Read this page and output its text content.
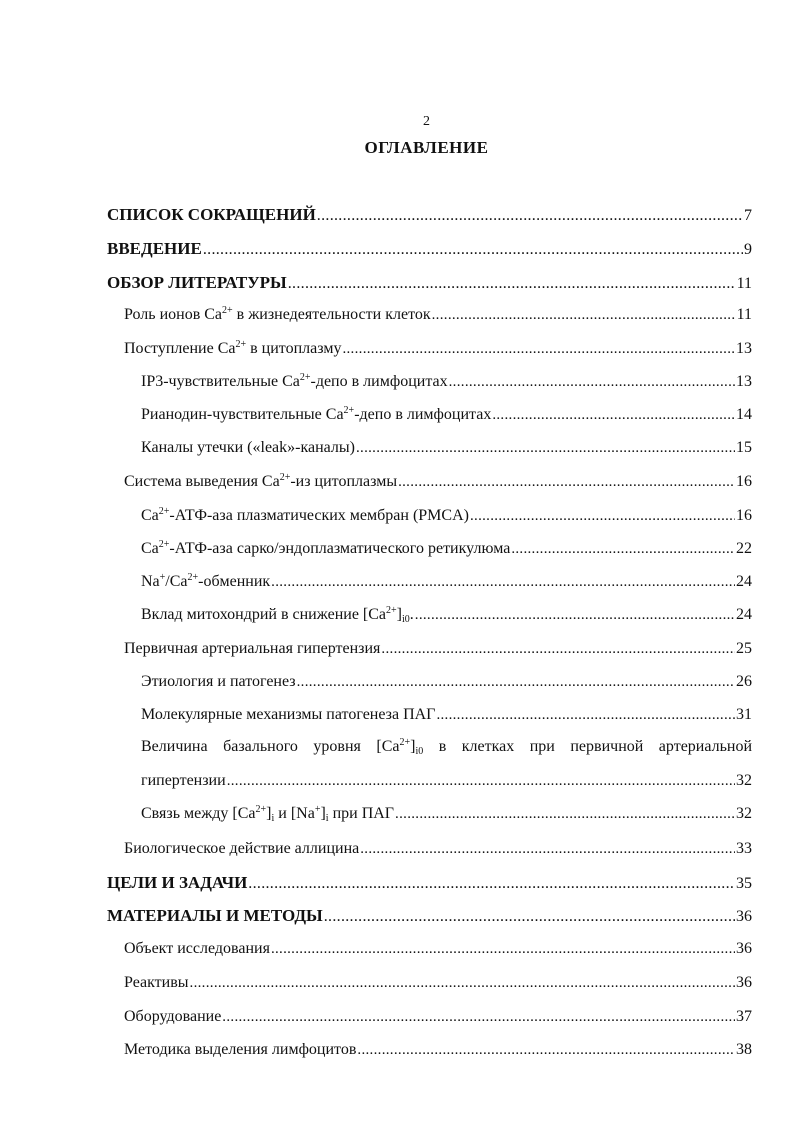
2
ОГЛАВЛЕНИЕ
СПИСОК СОКРАЩЕНИЙ .....	7
ВВЕДЕНИЕ .....	9
ОБЗОР ЛИТЕРАТУРЫ .....	11
Роль ионов $Ca^{2+}$ в жизнедеятельности клеток .....	11
Поступление $Ca^{2+}$ в цитоплазму .....	13
IP3-чувствительные $Ca^{2+}$-депо в лимфоцитах .....	13
Рианодин-чувствительные $Ca^{2+}$-депо в лимфоцитах .....	14
Каналы утечки («leak»-каналы) .....	15
Система выведения $Ca^{2+}-из$ цитоплазмы .....	16
$Ca^{2+}-АТФ$-аза плазматических мембран (PMCA) .....	16
$Ca^{2+}-АТФ$-аза сарко/эндоплазматического ретикулюма .....	22
$Na^+/Ca^{2+}$-обменник .....	24
Вклад митохондрий в снижение $[Ca^{2+}]_{i0}$. .....	24
Первичная артериальная гипертензия .....	25
Этиология и патогенез .....	26
Молекулярные механизмы патогенеза ПАГ .....	31
Величина базального уровня $[Ca^{2+}]_{i0}$ в клетках при первичной артериальной
гипертензии .....	32
Связь между $[Ca^{2+}]_i$ и $[Na^+]_i$ при ПАГ .....	32
Биологическое действие аллицина .....	33
ЦЕЛИ И ЗАДАЧИ .....	35
МАТЕРИАЛЫ И МЕТОДЫ .....	36
Объект исследования .....	36
Реактивы .....	36
Оборудование .....	37
Методика выделения лимфоцитов .....	38
